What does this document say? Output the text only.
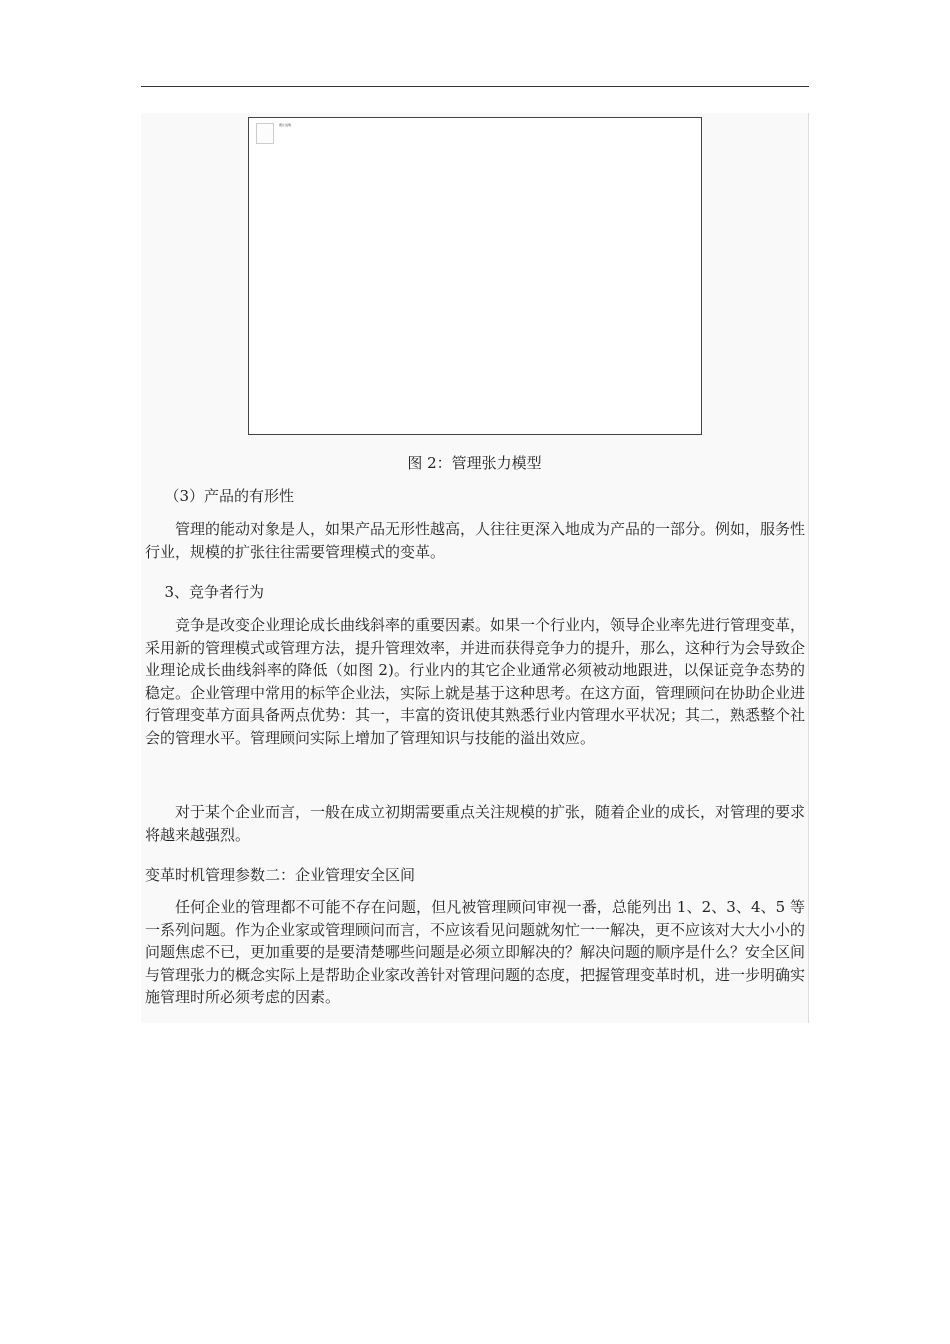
图片说明
图 2：管理张力模型

（3）产品的有形性

管理的能动对象是人，如果产品无形性越高，人往往更深入地成为产品的一部分。例如，服务性行业，规模的扩张往往需要管理模式的变革。

3、竞争者行为

竞争是改变企业理论成长曲线斜率的重要因素。如果一个行业内，领导企业率先进行管理变革，采用新的管理模式或管理方法，提升管理效率，并进而获得竞争力的提升，那么，这种行为会导致企业理论成长曲线斜率的降低（如图 2)。行业内的其它企业通常必须被动地跟进，以保证竞争态势的稳定。企业管理中常用的标竿企业法，实际上就是基于这种思考。在这方面，管理顾问在协助企业进行管理变革方面具备两点优势：其一，丰富的资讯使其熟悉行业内管理水平状况；其二，熟悉整个社会的管理水平。管理顾问实际上增加了管理知识与技能的溢出效应。

对于某个企业而言，一般在成立初期需要重点关注规模的扩张，随着企业的成长，对管理的要求将越来越强烈。

变革时机管理参数二：企业管理安全区间

任何企业的管理都不可能不存在问题，但凡被管理顾问审视一番，总能列出 1、2、3、4、5 等一系列问题。作为企业家或管理顾问而言，不应该看见问题就匆忙一一解决，更不应该对大大小小的问题焦虑不已，更加重要的是要清楚哪些问题是必须立即解决的？解决问题的顺序是什么？安全区间与管理张力的概念实际上是帮助企业家改善针对管理问题的态度，把握管理变革时机，进一步明确实施管理时所必须考虑的因素。
